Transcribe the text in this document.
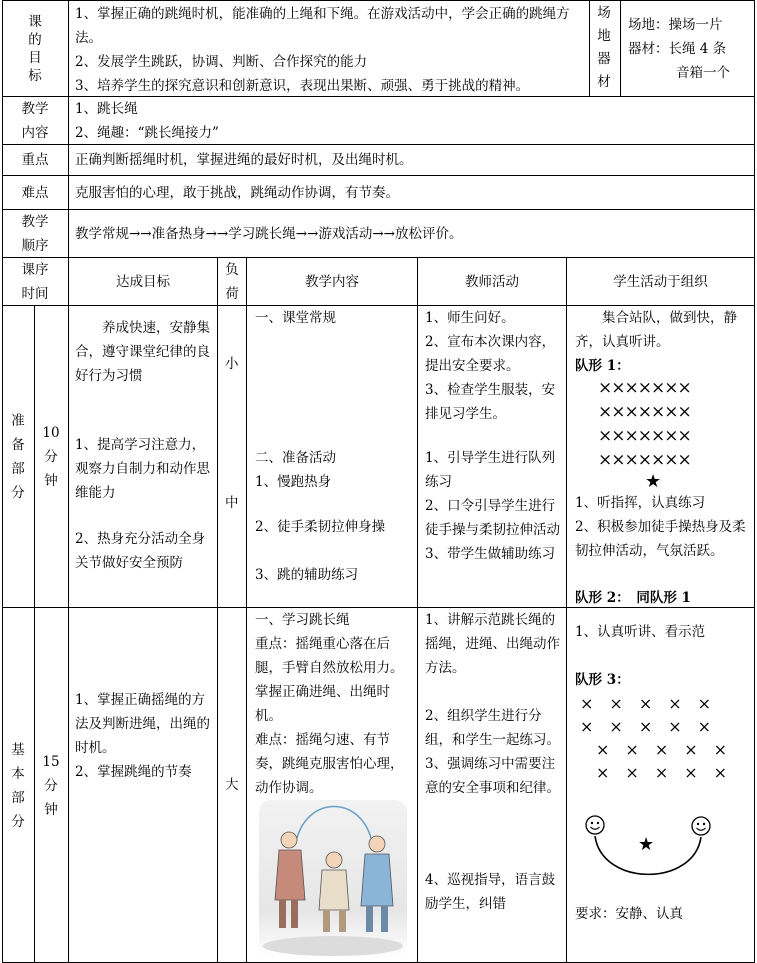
课的目标
1、掌握正确的跳绳时机，能准确的上绳和下绳。在游戏活动中，学会正确的跳绳方法。
2、发展学生跳跃，协调、判断、合作探究的能力
3、培养学生的探究意识和创新意识，表现出果断、顽强、勇于挑战的精神。
场地器材
场地：操场一片
器材：长绳 4 条
音箱一个
教学内容
1、跳长绳
2、绳趣：“跳长绳接力”
重点 正确判断摇绳时机，掌握进绳的最好时机，及出绳时机。
难点 克服害怕的心理，敢于挑战，跳绳动作协调，有节奏。
教学顺序
教学常规→→准备热身→→学习跳长绳→→游戏活动→→放松评价。
课序时间
达成目标
负荷
教学内容	教师活动	学生活动于组织
准备部分
10分钟
养成快速，安静集合，遵守课堂纪律的良好行为习惯
1、提高学习注意力，观察力自制力和动作思维能力
2、热身充分活动全身关节做好安全预防
小
中
一、课堂常规
二、准备活动
1、慢跑热身
2、徒手柔韧拉伸身操
3、跳的辅助练习
1、师生问好。
2、宣布本次课内容，提出安全要求。
3、检查学生服装，安排见习学生。
1、引导学生进行队列练习
2、口令引导学生进行徒手操与柔韧拉伸活动
3、带学生做辅助练习
集合站队，做到快，静齐，认真听讲。
队形 1：
×××××××
×××××××
×××××××
×××××××
★
1、听指挥，认真练习
2、积极参加徒手操热身及柔韧拉伸活动，气氛活跃。
队形 2：　同队形 1
基本部分
15分钟
1、掌握正确摇绳的方法及判断进绳，出绳的时机。
2、掌握跳绳的节奏
大
一、学习跳长绳
重点：摇绳重心落在后腿，手臂自然放松用力。掌握正确进绳、出绳时机。
难点：摇绳匀速、有节奏，跳绳克服害怕心理，动作协调。
1、讲解示范跳长绳的摇绳，进绳、出绳动作方法。
2、组织学生进行分组，和学生一起练习。
3、强调练习中需要注意的安全事项和纪律。
4、巡视指导，语言鼓励学生，纠错
1、认真听讲、看示范
队形 3：
×　×　×　×　×
×　×　×　×　×
×　×　×　×　×
×　×　×　×　×
★
要求：安静、认真
